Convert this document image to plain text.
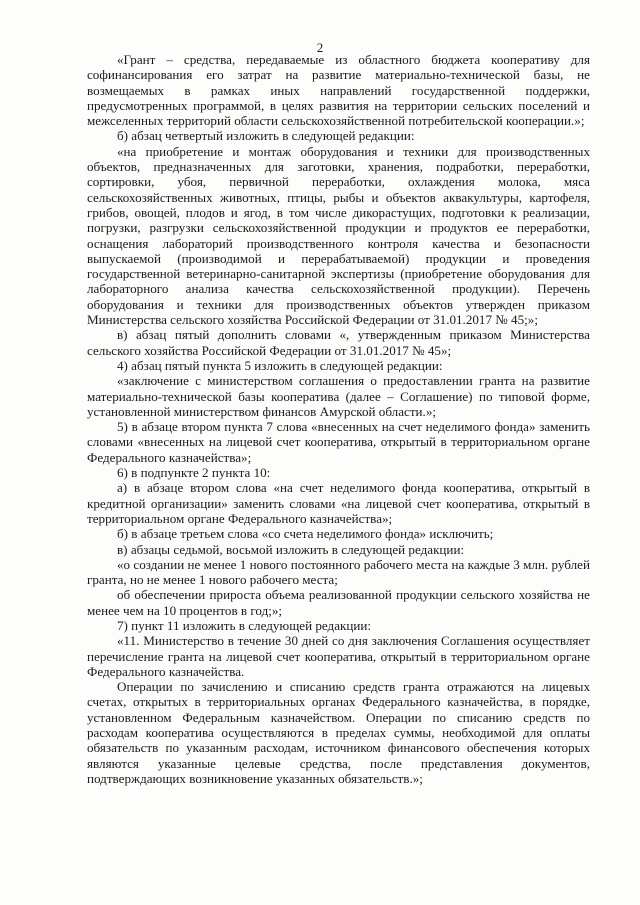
2

«Грант – средства, передаваемые из областного бюджета кооперативу для софинансирования его затрат на развитие материально-технической базы, не возмещаемых в рамках иных направлений государственной поддержки, предусмотренных программой, в целях развития на территории сельских поселений и межселенных территорий области сельскохозяйственной потребительской кооперации.»;

б) абзац четвертый изложить в следующей редакции:

«на приобретение и монтаж оборудования и техники для производственных объектов, предназначенных для заготовки, хранения, подработки, переработки, сортировки, убоя, первичной переработки, охлаждения молока, мяса сельскохозяйственных животных, птицы, рыбы и объектов аквакультуры, картофеля, грибов, овощей, плодов и ягод, в том числе дикорастущих, подготовки к реализации, погрузки, разгрузки сельскохозяйственной продукции и продуктов ее переработки, оснащения лабораторий производственного контроля качества и безопасности выпускаемой (производимой и перерабатываемой) продукции и проведения государственной ветеринарно-санитарной экспертизы (приобретение оборудования для лабораторного анализа качества сельскохозяйственной продукции). Перечень оборудования и техники для производственных объектов утвержден приказом Министерства сельского хозяйства Российской Федерации от 31.01.2017 № 45;»;

в) абзац пятый дополнить словами «, утвержденным приказом Министерства сельского хозяйства Российской Федерации от 31.01.2017 № 45»;

4) абзац пятый пункта 5 изложить в следующей редакции:

«заключение с министерством соглашения о предоставлении гранта на развитие материально-технической базы кооператива (далее – Соглашение) по типовой форме, установленной министерством финансов Амурской области.»;

5) в абзаце втором пункта 7 слова «внесенных на счет неделимого фонда» заменить словами «внесенных на лицевой счет кооператива, открытый в территориальном органе Федерального казначейства»;

6) в подпункте 2 пункта 10:

а) в абзаце втором слова «на счет неделимого фонда кооператива, открытый в кредитной организации» заменить словами «на лицевой счет кооператива, открытый в территориальном органе Федерального казначейства»;

б) в абзаце третьем слова «со счета неделимого фонда» исключить;

в) абзацы седьмой, восьмой изложить в следующей редакции:

«о создании не менее 1 нового постоянного рабочего места на каждые 3 млн. рублей гранта, но не менее 1 нового рабочего места;

об обеспечении прироста объема реализованной продукции сельского хозяйства не менее чем на 10 процентов в год;»;

7) пункт 11 изложить в следующей редакции:

«11. Министерство в течение 30 дней со дня заключения Соглашения осуществляет перечисление гранта на лицевой счет кооператива, открытый в территориальном органе Федерального казначейства.

Операции по зачислению и списанию средств гранта отражаются на лицевых счетах, открытых в территориальных органах Федерального казначейства, в порядке, установленном Федеральным казначейством. Операции по списанию средств по расходам кооператива осуществляются в пределах суммы, необходимой для оплаты обязательств по указанным расходам, источником финансового обеспечения которых являются указанные целевые средства, после представления документов, подтверждающих возникновение указанных обязательств.»;
